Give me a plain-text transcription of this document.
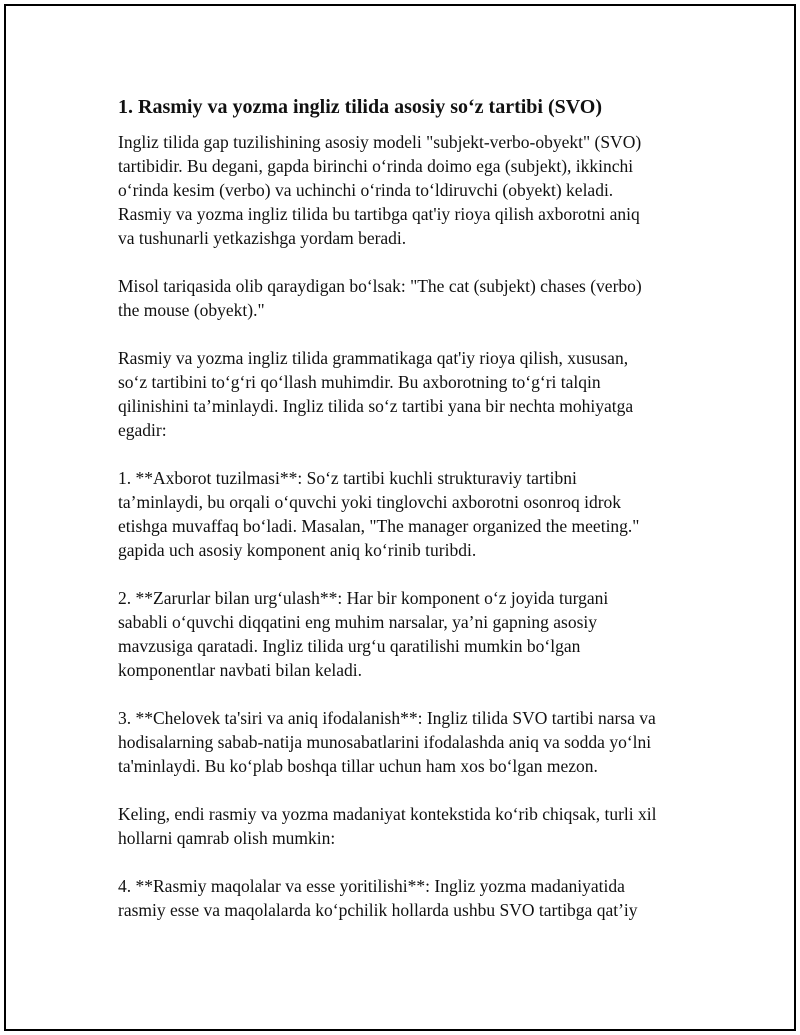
1. Rasmiy va yozma ingliz tilida asosiy so‘z tartibi (SVO)

Ingliz tilida gap tuzilishining asosiy modeli "subjekt-verbo-obyekt" (SVO)
tartibidir. Bu degani, gapda birinchi o‘rinda doimo ega (subjekt), ikkinchi
o‘rinda kesim (verbo) va uchinchi o‘rinda to‘ldiruvchi (obyekt) keladi.
Rasmiy va yozma ingliz tilida bu tartibga qat'iy rioya qilish axborotni aniq
va tushunarli yetkazishga yordam beradi.

Misol tariqasida olib qaraydigan bo‘lsak: "The cat (subjekt) chases (verbo)
the mouse (obyekt)."

Rasmiy va yozma ingliz tilida grammatikaga qat'iy rioya qilish, xususan,
so‘z tartibini to‘g‘ri qo‘llash muhimdir. Bu axborotning to‘g‘ri talqin
qilinishini ta’minlaydi. Ingliz tilida so‘z tartibi yana bir nechta mohiyatga
egadir:

1. **Axborot tuzilmasi**: So‘z tartibi kuchli strukturaviy tartibni
ta’minlaydi, bu orqali o‘quvchi yoki tinglovchi axborotni osonroq idrok
etishga muvaffaq bo‘ladi. Masalan, "The manager organized the meeting."
gapida uch asosiy komponent aniq ko‘rinib turibdi.

2. **Zarurlar bilan urg‘ulash**: Har bir komponent o‘z joyida turgani
sababli o‘quvchi diqqatini eng muhim narsalar, ya’ni gapning asosiy
mavzusiga qaratadi. Ingliz tilida urg‘u qaratilishi mumkin bo‘lgan
komponentlar navbati bilan keladi.

3. **Chelovek ta'siri va aniq ifodalanish**: Ingliz tilida SVO tartibi narsa va
hodisalarning sabab-natija munosabatlarini ifodalashda aniq va sodda yo‘lni
ta'minlaydi. Bu ko‘plab boshqa tillar uchun ham xos bo‘lgan mezon.

Keling, endi rasmiy va yozma madaniyat kontekstida ko‘rib chiqsak, turli xil
hollarni qamrab olish mumkin:

4. **Rasmiy maqolalar va esse yoritilishi**: Ingliz yozma madaniyatida
rasmiy esse va maqolalarda ko‘pchilik hollarda ushbu SVO tartibga qat’iy
